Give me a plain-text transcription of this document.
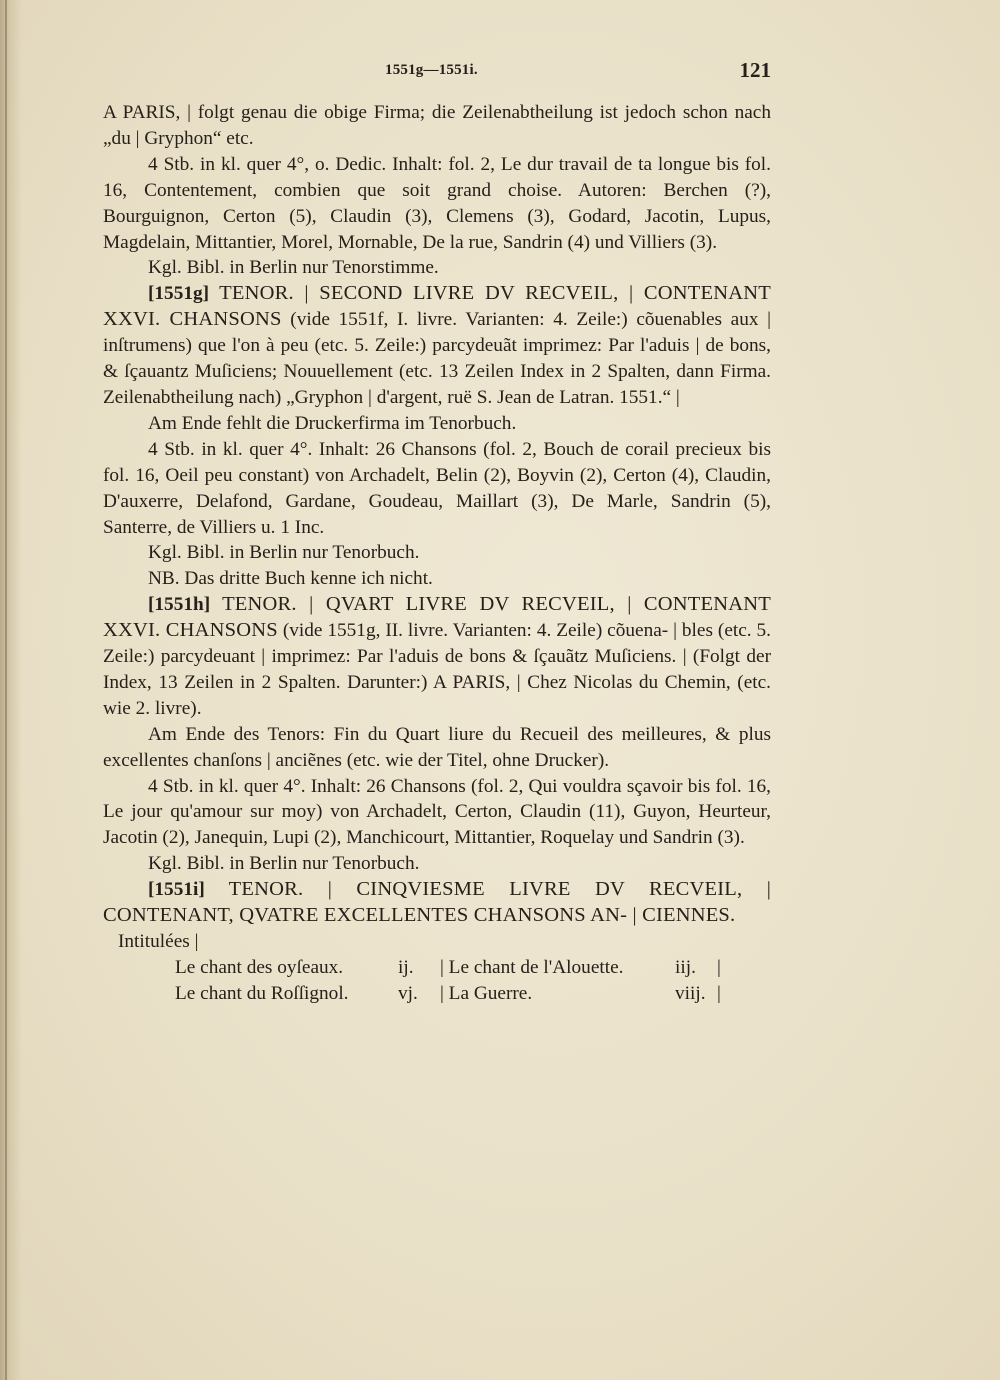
1551g—1551i.	121

A PARIS, | folgt genau die obige Firma; die Zeilenabtheilung ist jedoch schon nach „du | Gryphon“ etc.

4 Stb. in kl. quer 4°, o. Dedic. Inhalt: fol. 2, Le dur travail de ta longue bis fol. 16, Contentement, combien que soit grand choise. Autoren: Berchen (?), Bourguignon, Certon (5), Claudin (3), Clemens (3), Godard, Jacotin, Lupus, Magdelain, Mittantier, Morel, Mornable, De la rue, Sandrin (4) und Villiers (3).

Kgl. Bibl. in Berlin nur Tenorstimme.

[1551g] TENOR. | SECOND LIVRE DV RECVEIL, | CONTENANT XXVI. CHANSONS (vide 1551f, I. livre. Varianten: 4. Zeile:) cõuenables aux | inſtrumens) que l'on à peu (etc. 5. Zeile:) parcydeuãt imprimez: Par l'aduis | de bons, & ſçauantz Muſiciens; Nouuellement (etc. 13 Zeilen Index in 2 Spalten, dann Firma. Zeilenabtheilung nach) „Gryphon | d'argent, ruë S. Jean de Latran. 1551.“ |

Am Ende fehlt die Druckerfirma im Tenorbuch.

4 Stb. in kl. quer 4°. Inhalt: 26 Chansons (fol. 2, Bouch de corail precieux bis fol. 16, Oeil peu constant) von Archadelt, Belin (2), Boyvin (2), Certon (4), Claudin, D'auxerre, Delafond, Gardane, Goudeau, Maillart (3), De Marle, Sandrin (5), Santerre, de Villiers u. 1 Inc.

Kgl. Bibl. in Berlin nur Tenorbuch.

NB. Das dritte Buch kenne ich nicht.

[1551h] TENOR. | QVART LIVRE DV RECVEIL, | CONTENANT XXVI. CHANSONS (vide 1551g, II. livre. Varianten: 4. Zeile) cõuena- | bles (etc. 5. Zeile:) parcydeuant | imprimez: Par l'aduis de bons & ſçauãtz Muſiciens. | (Folgt der Index, 13 Zeilen in 2 Spalten. Darunter:) A PARIS, | Chez Nicolas du Chemin, (etc. wie 2. livre).

Am Ende des Tenors: Fin du Quart liure du Recueil des meilleures, & plus excellentes chanſons | anciẽnes (etc. wie der Titel, ohne Drucker).

4 Stb. in kl. quer 4°. Inhalt: 26 Chansons (fol. 2, Qui vouldra sçavoir bis fol. 16, Le jour qu'amour sur moy) von Archadelt, Certon, Claudin (11), Guyon, Heurteur, Jacotin (2), Janequin, Lupi (2), Manchicourt, Mittantier, Roquelay und Sandrin (3).

Kgl. Bibl. in Berlin nur Tenorbuch.

[1551i] TENOR. | CINQVIESME LIVRE DV RECVEIL, | CONTENANT, QVATRE EXCELLENTES CHANSONS AN- | CIENNES.

Intitulées |

Le chant des oyſeaux.	ij. | Le chant de l'Alouette.	iij. |
Le chant du Roſſignol.	vj. | La Guerre.	viij. |
